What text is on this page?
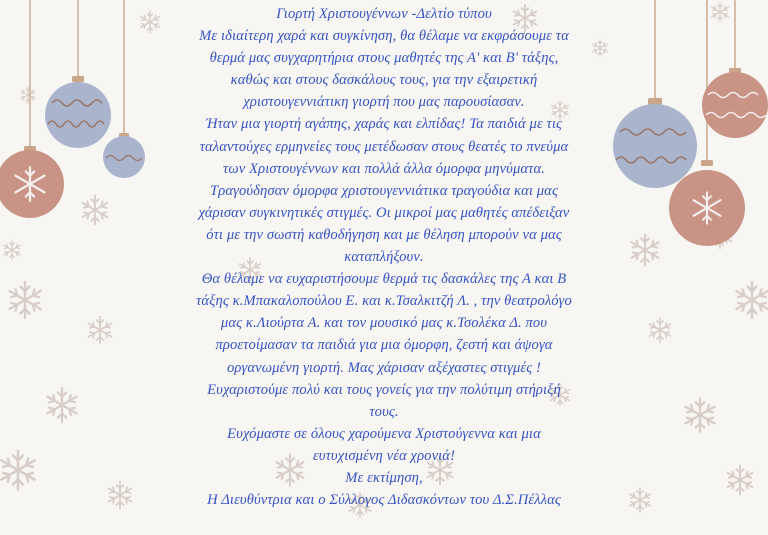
Γιορτή Χριστουγέννων -Δελτίο τύπου
Με ιδιαίτερη χαρά και συγκίνηση, θα θέλαμε να εκφράσουμε τα
θερμά μας συγχαρητήρια στους μαθητές της Α' και Β' τάξης,
καθώς και στους δασκάλους τους, για την εξαιρετική
χριστουγεννιάτικη γιορτή που μας παρουσίασαν.
Ήταν μια γιορτή αγάπης, χαράς και ελπίδας! Τα παιδιά με τις
ταλαντούχες ερμηνείες τους μετέδωσαν στους θεατές το πνεύμα
των Χριστουγέννων και πολλά άλλα όμορφα μηνύματα.
Τραγούδησαν όμορφα χριστουγεννιάτικα τραγούδια και μας
χάρισαν συγκινητικές στιγμές. Οι μικροί μας μαθητές απέδειξαν
ότι με την σωστή καθοδήγηση και με θέληση μπορούν να μας
καταπλήξουν.
Θα θέλαμε να ευχαριστήσουμε θερμά τις δασκάλες της Α και Β
τάξης κ.Μπακαλοπούλου Ε. και κ.Τσαλκιτζή Λ. , την θεατρολόγο
μας κ.Λιούρτα Α. και τον μουσικό μας κ.Τσολέκα Δ. που
προετοίμασαν τα παιδιά για μια όμορφη, ζεστή και άψογα
οργανωμένη γιορτή. Μας χάρισαν αξέχαστες στιγμές !
Ευχαριστούμε πολύ και τους γονείς για την πολύτιμη στήριξή
τους.
Ευχόμαστε σε όλους χαρούμενα Χριστούγεννα και μια
ευτυχισμένη νέα χρονιά!
Με εκτίμηση,
Η Διευθύντρια και ο Σύλλογος Διδασκόντων του Δ.Σ.Πέλλας
